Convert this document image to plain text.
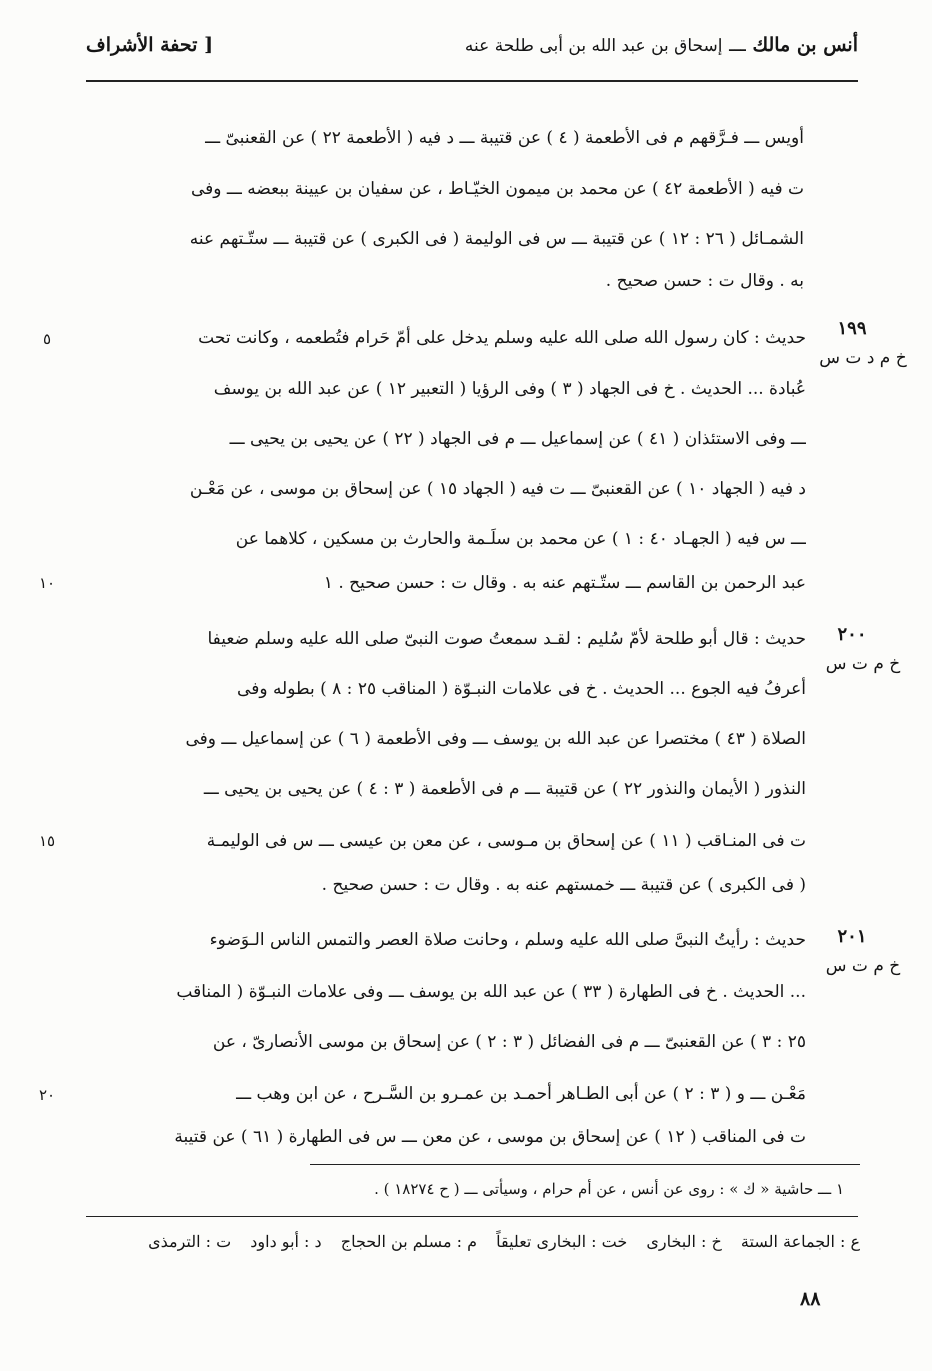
أنس بن مالك ـــ إسحاق بن عبد الله بن أبى طلحة عنه
[ تحفة الأشراف
١٩٩
خ م د ت س
٢٠٠
خ م ت س
٢٠١
خ م ت س
٥
١٠
١٥
٢٠
أويس ـــ فـرَّقهم م فى الأطعمة ( ٤ ) عن قتيبة ـــ د فيه ( الأطعمة ٢٢ ) عن القعنبىّ ـــ
ت فيه ( الأطعمة ٤٢ ) عن محمد بن ميمون الخيّـاط ، عن سفيان بن عيينة ببعضه ـــ وفى
الشمـائل ( ٢٦ : ١٢ ) عن قتيبة ـــ س فى الوليمة ( فى الكبرى ) عن قتيبة ـــ ستّـتهم عنه
به . وقال ت : حسن صحيح .
حديث : كان رسول الله صلى الله عليه وسلم يدخل على أمّ حَرام فتُطعمه ، وكانت تحت
عُبادة ... الحديث . خ فى الجهاد ( ٣ ) وفى الرؤيا ( التعبير ١٢ ) عن عبد الله بن يوسف
ـــ وفى الاستئذان ( ٤١ ) عن إسماعيل ـــ م فى الجهاد ( ٢٢ ) عن يحيى بن يحيى ـــ
د فيه ( الجهاد ١٠ ) عن القعنبىّ ـــ ت فيه ( الجهاد ١٥ ) عن إسحاق بن موسى ، عن مَعْـن
ـــ س فيه ( الجهـاد ٤٠ : ١ ) عن محمد بن سلَـمة والحارث بن مسكين ، كلاهما عن
عبد الرحمن بن القاسم ـــ ستّـتهم عنه به . وقال ت : حسن صحيح . ١
حديث : قال أبو طلحة لأمّ سُليم : لقـد سمعتُ صوت النبىّ صلى الله عليه وسلم ضعيفا
أعرفُ فيه الجوع ... الحديث . خ فى علامات النبـوّة ( المناقب ٢٥ : ٨ ) بطوله وفى
الصلاة ( ٤٣ ) مختصرا عن عبد الله بن يوسف ـــ وفى الأطعمة ( ٦ ) عن إسماعيل ـــ وفى
النذور ( الأيمان والنذور ٢٢ ) عن قتيبة ـــ م فى الأطعمة ( ٣ : ٤ ) عن يحيى بن يحيى ـــ
ت فى المنـاقب ( ١١ ) عن إسحاق بن مـوسى ، عن معن بن عيسى ـــ س فى الوليمـة
( فى الكبرى ) عن قتيبة ـــ خمستهم عنه به . وقال ت : حسن صحيح .
حديث : رأيتُ النبىَّ صلى الله عليه وسلم ، وحانت صلاة العصر والتمس الناس الـوَضوء
... الحديث . خ فى الطهارة ( ٣٣ ) عن عبد الله بن يوسف ـــ وفى علامات النبـوّة ( المناقب
٢٥ : ٣ ) عن القعنبىّ ـــ م فى الفضائل ( ٣ : ٢ ) عن إسحاق بن موسى الأنصارىّ ، عن
مَعْـن ـــ و ( ٣ : ٢ ) عن أبى الطـاهر أحمـد بن عمـرو بن السَّـرح ، عن ابن وهب ـــ
ت فى المناقب ( ١٢ ) عن إسحاق بن موسى ، عن معن ـــ س فى الطهارة ( ٦١ ) عن قتيبة
١ ـــ حاشية « ك » : روى عن أنس ، عن أم حرام ، وسيأتى ـــ ( ح ١٨٢٧٤ ) .
ع : الجماعة الستة خ : البخارى خت : البخارى تعليقاً م : مسلم بن الحجاج د : أبو داود ت : الترمذى
٨٨
